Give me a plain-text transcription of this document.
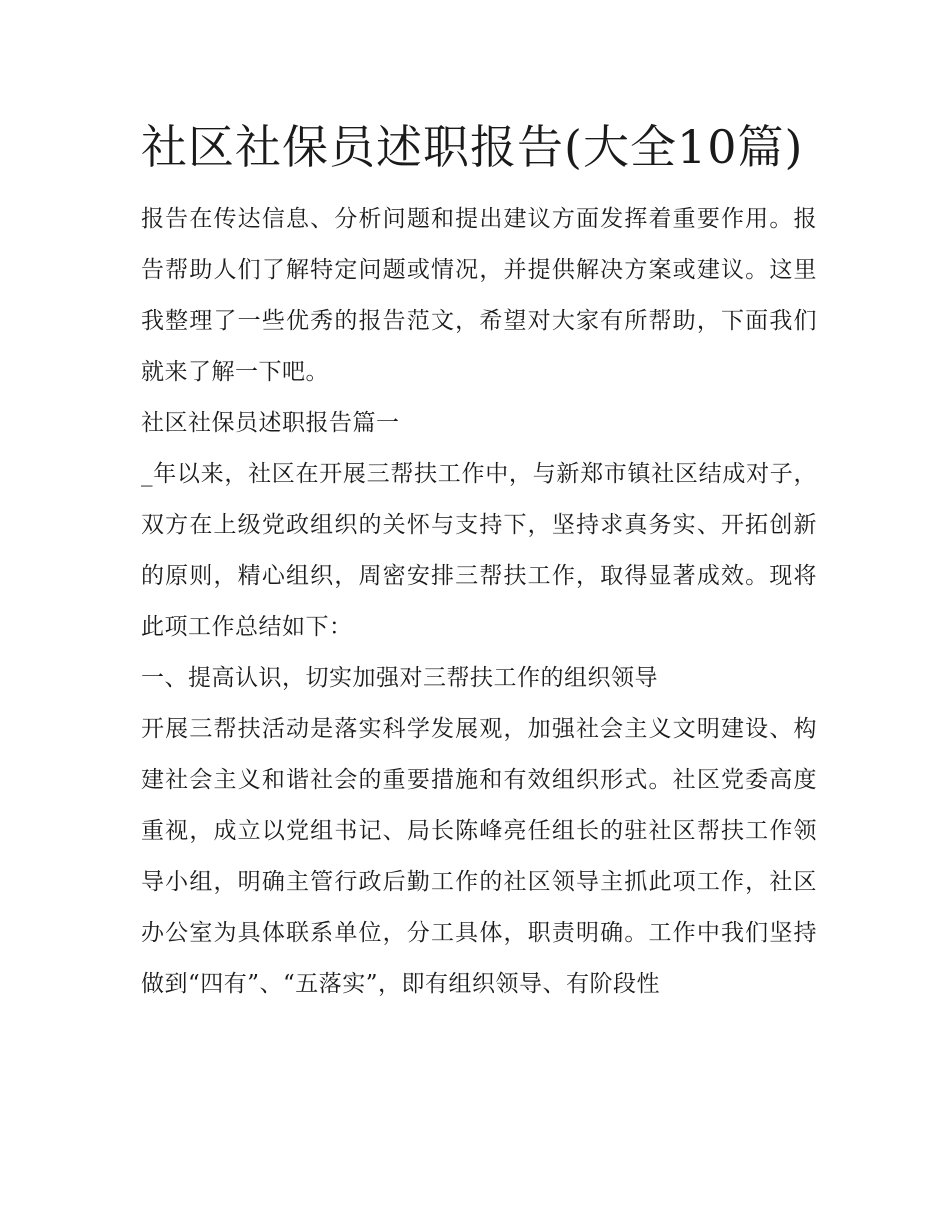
社区社保员述职报告(大全10篇)

报告在传达信息、分析问题和提出建议方面发挥着重要作用。报告帮助人们了解特定问题或情况，并提供解决方案或建议。这里我整理了一些优秀的报告范文，希望对大家有所帮助，下面我们就来了解一下吧。

社区社保员述职报告篇一

_年以来，社区在开展三帮扶工作中，与新郑市镇社区结成对子，双方在上级党政组织的关怀与支持下，坚持求真务实、开拓创新的原则，精心组织，周密安排三帮扶工作，取得显著成效。现将此项工作总结如下：

一、提高认识，切实加强对三帮扶工作的组织领导

开展三帮扶活动是落实科学发展观，加强社会主义文明建设、构建社会主义和谐社会的重要措施和有效组织形式。社区党委高度重视，成立以党组书记、局长陈峰亮任组长的驻社区帮扶工作领导小组，明确主管行政后勤工作的社区领导主抓此项工作，社区办公室为具体联系单位，分工具体，职责明确。工作中我们坚持做到“四有”、“五落实”，即有组织领导、有阶段性
